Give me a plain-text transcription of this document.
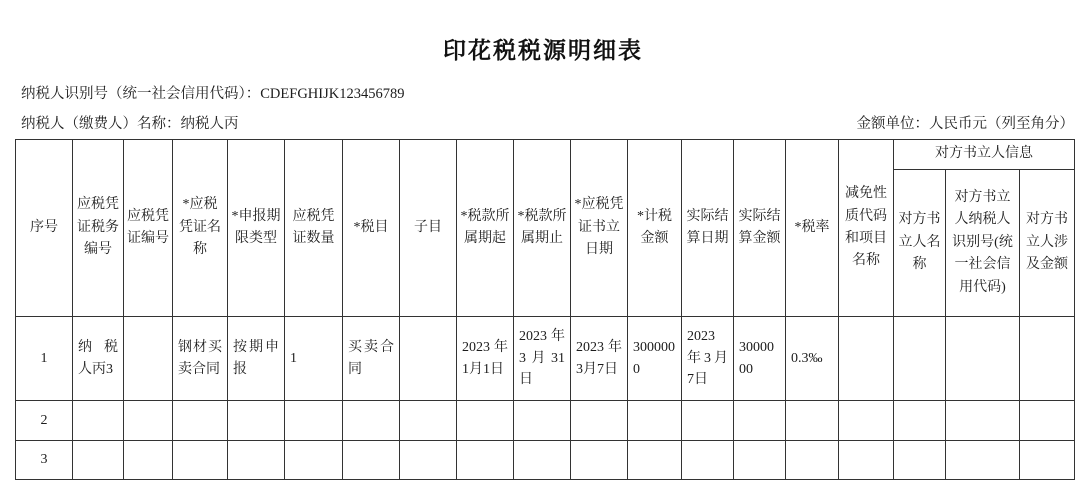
印花税税源明细表
纳税人识别号（统一社会信用代码）：CDEFGHIJK123456789
纳税人（缴费人）名称：纳税人丙	金额单位：人民币元（列至角分）
序号	应税凭证税务编号	应税凭证编号	*应税凭证名称	*申报期限类型	应税凭证数量	*税目	子目	*税款所属期起	*税款所属期止	*应税凭证书立日期	*计税金额	实际结算日期	实际结算金额	*税率	减免性质代码和项目名称	对方书立人信息		
																对方书立人名称	对方书立人纳税人识别号(统一社会信用代码)	对方书立人涉及金额
1	纳税人丙3		钢材买卖合同	按期申报	1	买卖合同		2023年1月1日	2023年3月31日	2023年3月7日	3000000	2023年3月7日	3000000	0.3‰				
2																		
3																		
